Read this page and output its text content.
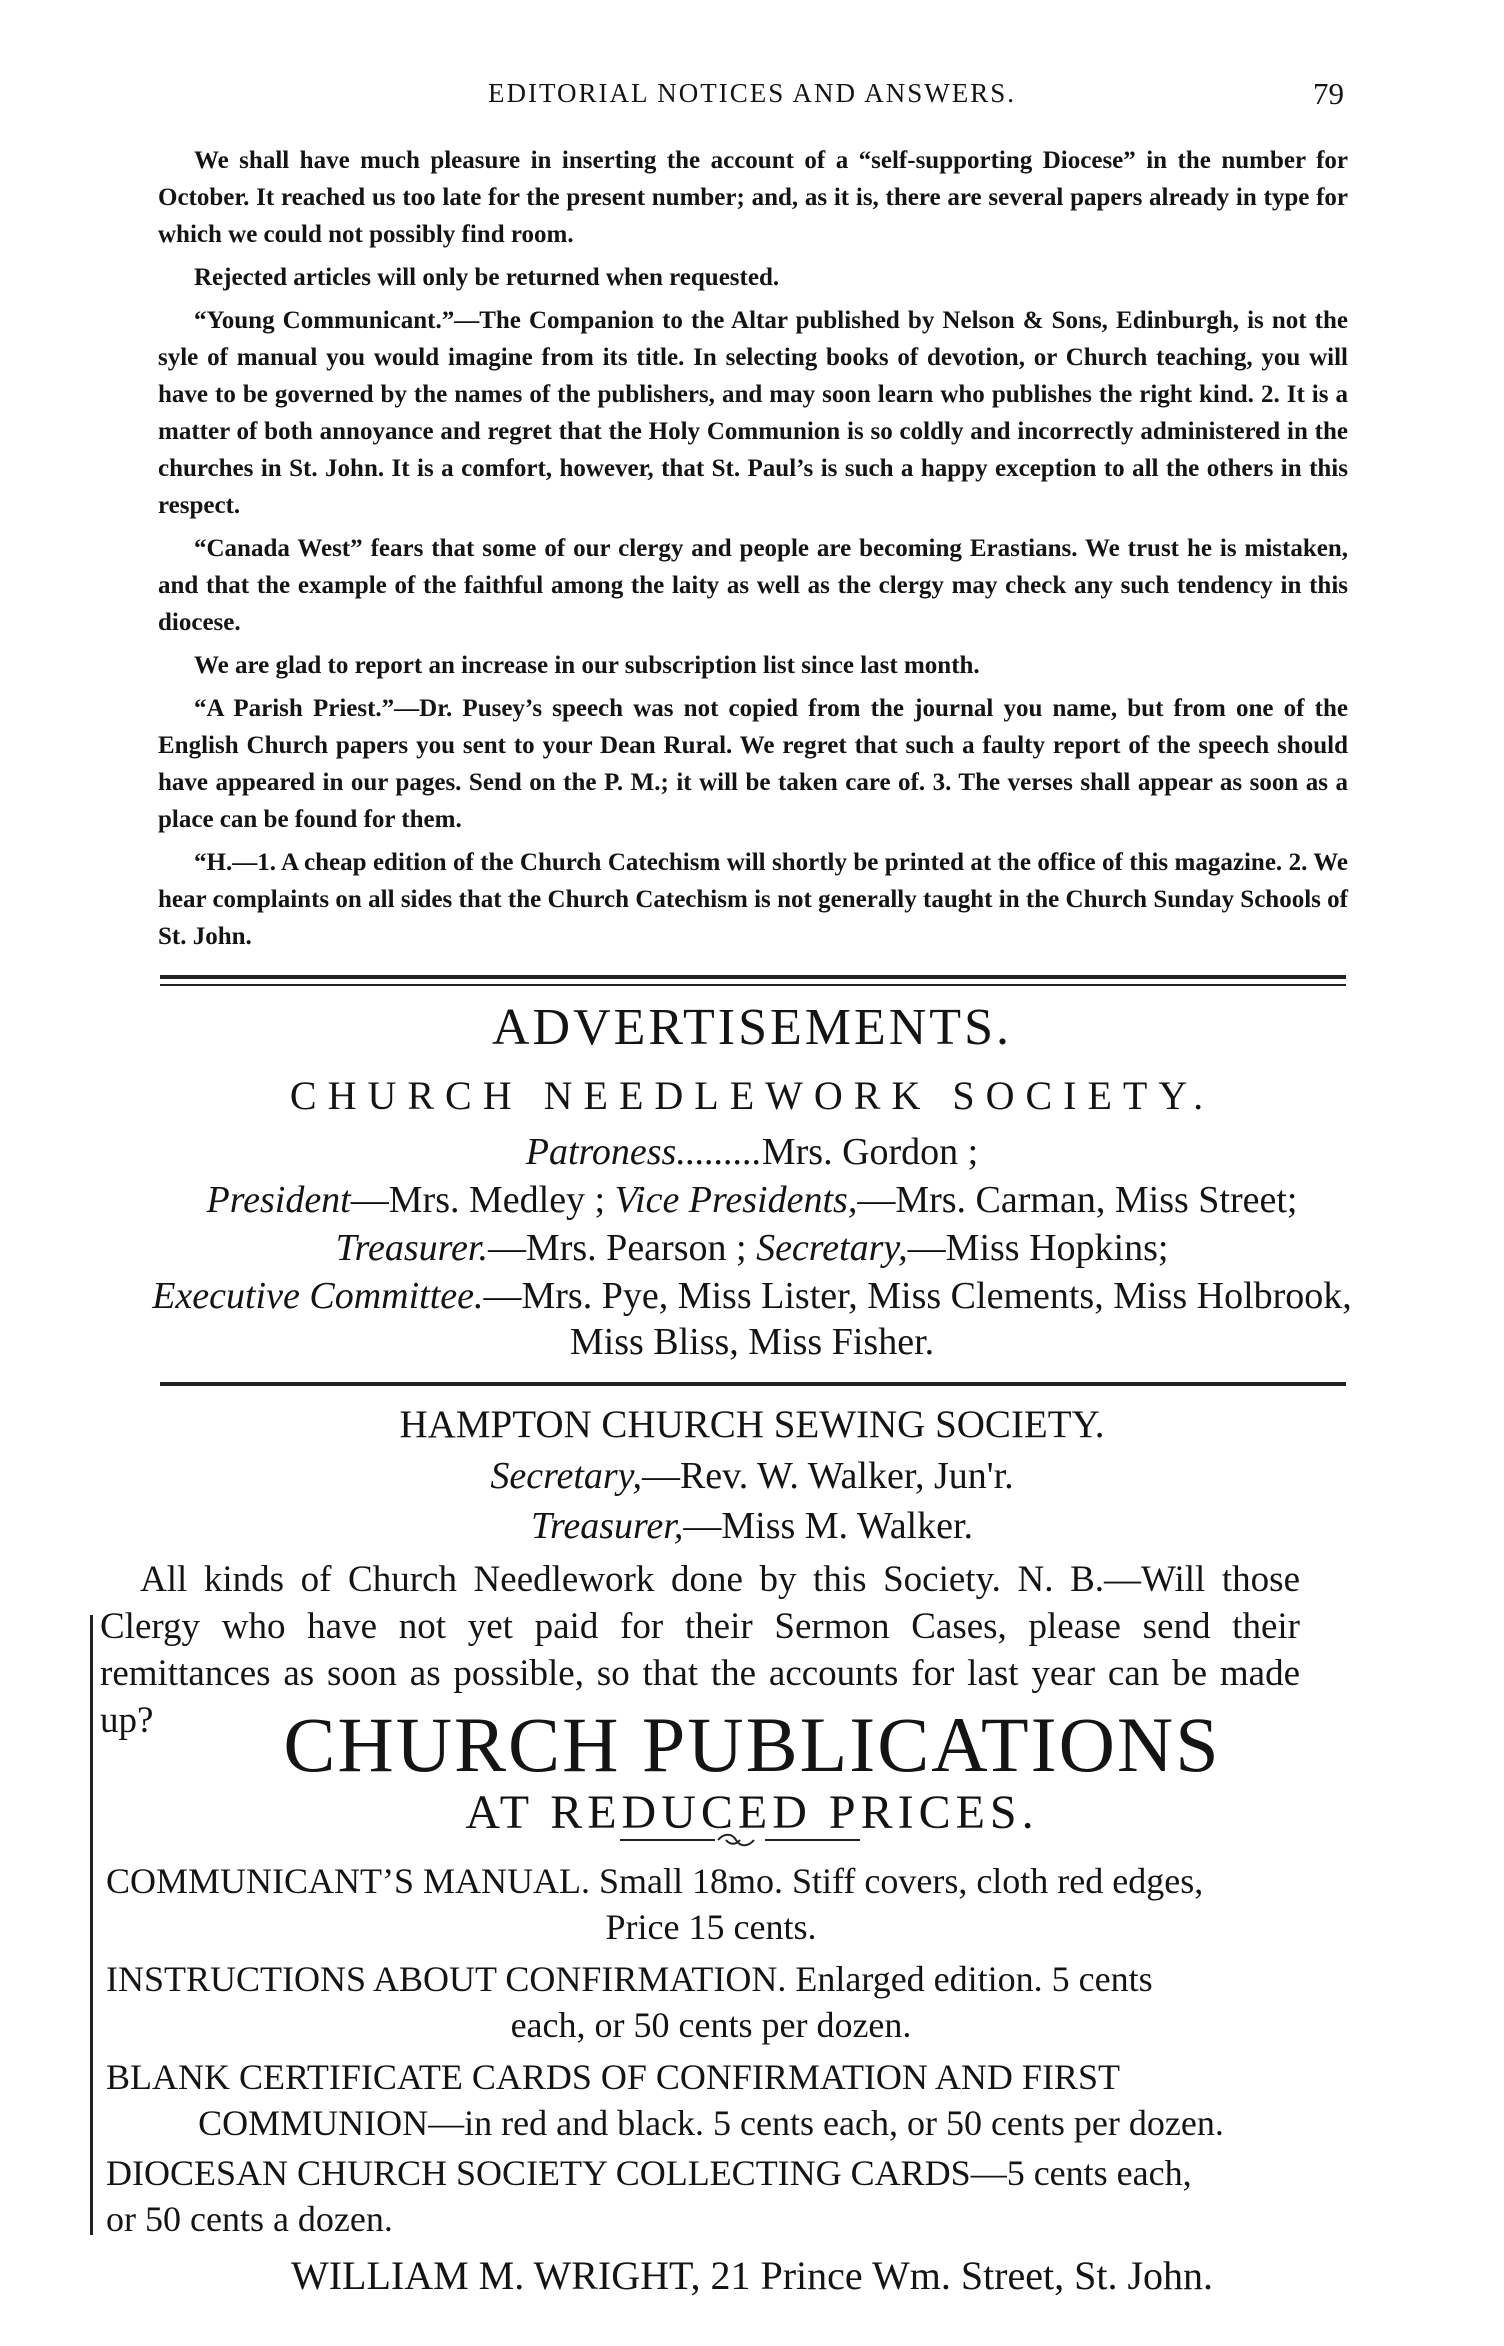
EDITORIAL NOTICES AND ANSWERS.	79

We shall have much pleasure in inserting the account of a “self-supporting Diocese” in the number for October. It reached us too late for the present number; and, as it is, there are several papers already in type for which we could not possibly find room.

Rejected articles will only be returned when requested.

“Young Communicant.”—The Companion to the Altar published by Nelson & Sons, Edinburgh, is not the syle of manual you would imagine from its title. In selecting books of devotion, or Church teaching, you will have to be governed by the names of the publishers, and may soon learn who publishes the right kind. 2. It is a matter of both annoyance and regret that the Holy Communion is so coldly and incorrectly administered in the churches in St. John. It is a comfort, however, that St. Paul’s is such a happy exception to all the others in this respect.

“Canada West” fears that some of our clergy and people are becoming Erastians. We trust he is mistaken, and that the example of the faithful among the laity as well as the clergy may check any such tendency in this diocese.

We are glad to report an increase in our subscription list since last month.

“A Parish Priest.”—Dr. Pusey’s speech was not copied from the journal you name, but from one of the English Church papers you sent to your Dean Rural. We regret that such a faulty report of the speech should have appeared in our pages. Send on the P. M.; it will be taken care of. 3. The verses shall appear as soon as a place can be found for them.

“H.—1. A cheap edition of the Church Catechism will shortly be printed at the office of this magazine. 2. We hear complaints on all sides that the Church Catechism is not generally taught in the Church Sunday Schools of St. John.

ADVERTISEMENTS.
CHURCH NEEDLEWORK SOCIETY.
Patroness.........Mrs. Gordon ;
President—Mrs. Medley ; Vice Presidents,—Mrs. Carman, Miss Street;
Treasurer.—Mrs. Pearson ; Secretary,—Miss Hopkins;
Executive Committee.—Mrs. Pye, Miss Lister, Miss Clements, Miss Holbrook,
Miss Bliss, Miss Fisher.
HAMPTON CHURCH SEWING SOCIETY.
Secretary,—Rev. W. Walker, Jun'r.
Treasurer,—Miss M. Walker.

All kinds of Church Needlework done by this Society. N. B.—Will those Clergy who have not yet paid for their Sermon Cases, please send their remittances as soon as possible, so that the accounts for last year can be made up?	CHURCH PUBLICATIONS
AT REDUCED PRICES.
COMMUNICANT’S MANUAL. Small 18mo. Stiff covers, cloth red edges,
Price 15 cents.
INSTRUCTIONS ABOUT CONFIRMATION. Enlarged edition. 5 cents
each, or 50 cents per dozen.
BLANK CERTIFICATE CARDS OF CONFIRMATION AND FIRST
COMMUNION—in red and black. 5 cents each, or 50 cents per dozen.
DIOCESAN CHURCH SOCIETY COLLECTING CARDS—5 cents each,
or 50 cents a dozen.
WILLIAM M. WRIGHT, 21 Prince Wm. Street, St. John.
